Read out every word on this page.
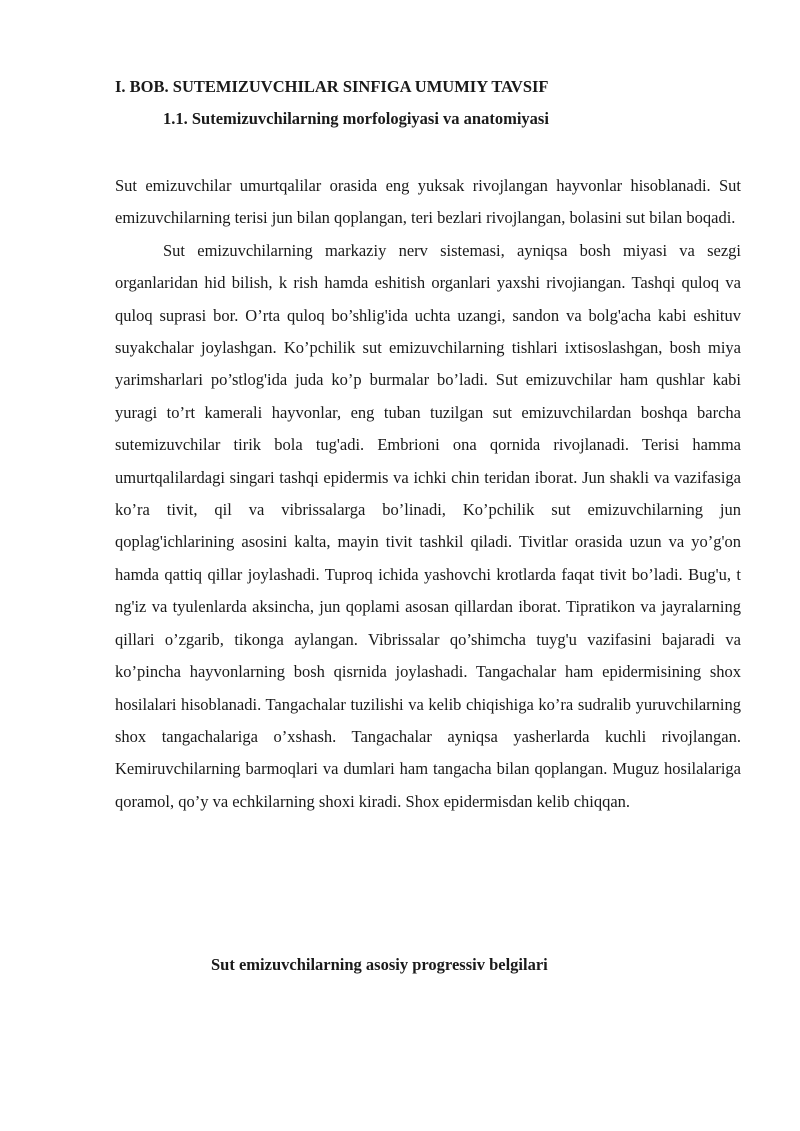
I. BOB. SUTEMIZUVCHILAR SINFIGA UMUMIY TAVSIF
1.1. Sutemizuvchilarning morfologiyasi va anatomiyasi

Sut emizuvchilar umurtqalilar orasida eng yuksak rivojlangan hayvonlar hisoblanadi. Sut emizuvchilarning terisi jun bilan qoplangan, teri bezlari rivojlangan, bolasini sut bilan boqadi.

Sut emizuvchilarning markaziy nerv sistemasi, ayniqsa bosh miyasi va sezgi organlaridan hid bilish, k rish hamda eshitish organlari yaxshi rivojiangan. Tashqi quloq va quloq suprasi bor. O’rta quloq bo’shlig'ida uchta uzangi, sandon va bolg'acha kabi eshituv suyakchalar joylashgan. Ko’pchilik sut emizuvchilarning tishlari ixtisoslashgan, bosh miya yarimsharlari po’stlog'ida juda ko’p burmalar bo’ladi. Sut emizuvchilar ham qushlar kabi yuragi to’rt kamerali hayvonlar, eng tuban tuzilgan sut emizuvchilardan boshqa barcha sutemizuvchilar tirik bola tug'adi. Embrioni ona qornida rivojlanadi. Terisi hamma umurtqalilardagi singari tashqi epidermis va ichki chin teridan iborat. Jun shakli va vazifasiga ko’ra tivit, qil va vibrissalarga bo’linadi, Ko’pchilik sut emizuvchilarning jun qoplag'ichlarining asosini kalta, mayin tivit tashkil qiladi. Tivitlar orasida uzun va yo’g'on hamda qattiq qillar joylashadi. Tuproq ichida yashovchi krotlarda faqat tivit bo’ladi. Bug'u, t ng'iz va tyulenlarda aksincha, jun qoplami asosan qillardan iborat. Tipratikon va jayralarning qillari o’zgarib, tikonga aylangan. Vibrissalar qo’shimcha tuyg'u vazifasini bajaradi va ko’pincha hayvonlarning bosh qisrnida joylashadi. Tangachalar ham epidermisining shox hosilalari hisoblanadi. Tangachalar tuzilishi va kelib chiqishiga ko’ra sudralib yuruvchilarning shox tangachalariga o’xshash. Tangachalar ayniqsa yasherlarda kuchli rivojlangan. Kemiruvchilarning barmoqlari va dumlari ham tangacha bilan qoplangan. Muguz hosilalariga qoramol, qo’y va echkilarning shoxi kiradi. Shox epidermisdan kelib chiqqan.

Sut emizuvchilarning asosiy progressiv belgilari
